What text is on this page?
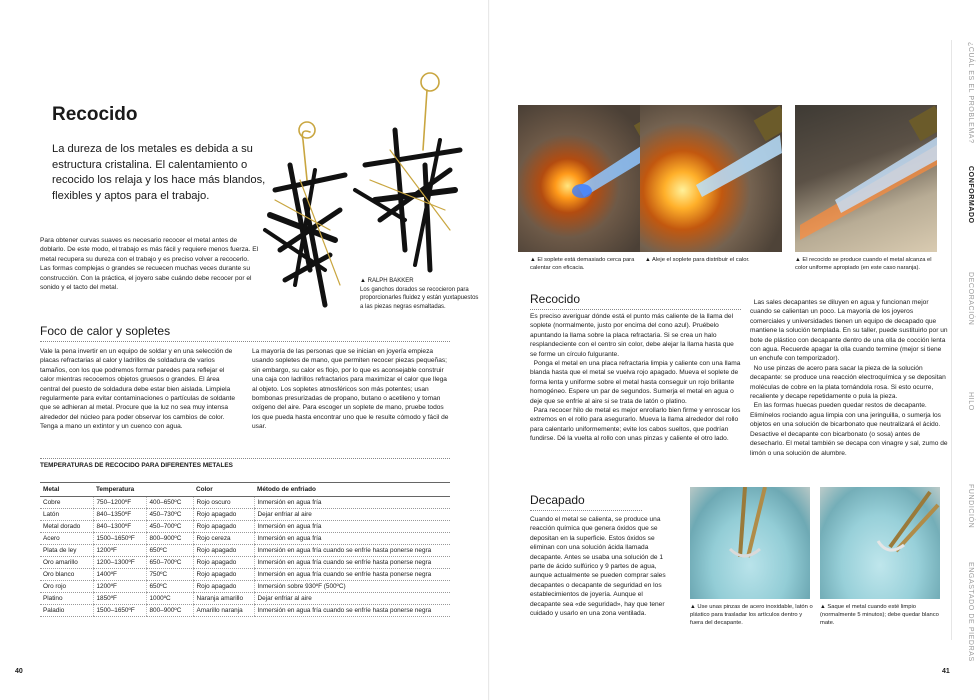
Recocido
La dureza de los metales es debida a su estructura cristalina. El calentamiento o recocido los relaja y los hace más blandos, flexibles y aptos para el trabajo.
Para obtener curvas suaves es necesario recocer el metal antes de doblarlo. De este modo, el trabajo es más fácil y requiere menos fuerza. El metal recupera su dureza con el trabajo y es preciso volver a recocerlo. Las formas complejas o grandes se recuecen muchas veces durante su construcción. Con la práctica, el joyero sabe cuándo debe recocer por el sonido y el tacto del metal.
▲ RALPH BAKKER
Los ganchos dorados se recocieron para proporcionarles fluidez y están yuxtapuestos a las piezas negras esmaltadas.
Foco de calor y sopletes
Vale la pena invertir en un equipo de soldar y en una selección de placas refractarias al calor y ladrillos de soldadura de varios tamaños, con los que podremos formar paredes para reflejar el calor mientras recocemos objetos gruesos o grandes. El área central del puesto de soldadura debe estar bien aislada. Limpiela regularmente para evitar contaminaciones o partículas de soldante que se adhieran al metal. Procure que la luz no sea muy intensa alrededor del núcleo para poder observar los cambios de color. Tenga a mano un extintor y un cuenco con agua.
La mayoría de las personas que se inician en joyería empieza usando sopletes de mano, que permiten recocer piezas pequeñas; sin embargo, su calor es flojo, por lo que es aconsejable construir una caja con ladrillos refractarios para maximizar el calor que llega al objeto. Los sopletes atmosféricos son más potentes; usan bombonas presurizadas de propano, butano o acetileno y toman oxígeno del aire. Para escoger un soplete de mano, pruebe todos los que pueda hasta encontrar uno que le resulte cómodo y fácil de usar.
TEMPERATURAS DE RECOCIDO PARA DIFERENTES METALES
Metal	Temperatura		Color	Método de enfriado
Cobre	750–1200ºF	400–650ºC	Rojo oscuro	Inmersión en agua fría
Latón	840–1350ºF	450–730ºC	Rojo apagado	Dejar enfriar al aire
Metal dorado	840–1300ºF	450–700ºC	Rojo apagado	Inmersión en agua fría
Acero	1500–1650ºF	800–900ºC	Rojo cereza	Inmersión en agua fría
Plata de ley	1200ºF	650ºC	Rojo apagado	Inmersión en agua fría cuando se enfríe hasta ponerse negra
Oro amarillo	1200–1300ºF	650–700ºC	Rojo apagado	Inmersión en agua fría cuando se enfríe hasta ponerse negra
Oro blanco	1400ºF	750ºC	Rojo apagado	Inmersión en agua fría cuando se enfríe hasta ponerse negra
Oro rojo	1200ºF	650ºC	Rojo apagado	Inmersión sobre 930ºF (500ºC)
Platino	1850ºF	1000ºC	Naranja amarillo	Dejar enfriar al aire
Paladio	1500–1650ºF	800–900ºC	Amarillo naranja	Inmersión en agua fría cuando se enfríe hasta ponerse negra
40
▲ El soplete está demasiado cerca para calentar con eficacia.
▲ Aleje el soplete para distribuir el calor.	▲ El recocido se produce cuando el metal alcanza el color uniforme apropiado (en este caso naranja).
Recocido
Es preciso averiguar dónde está el punto más caliente de la llama del soplete (normalmente, justo por encima del cono azul). Pruébelo apuntando la llama sobre la placa refractaria. Si se crea un halo resplandeciente con el centro sin color, debe alejar la llama hasta que se forme un círculo fulgurante.
Ponga el metal en una placa refractaria limpia y caliente con una llama blanda hasta que el metal se vuelva rojo apagado. Mueva el soplete de forma lenta y uniforme sobre el metal hasta conseguir un rojo brillante homogéneo. Espere un par de segundos. Sumerja el metal en agua o deje que se enfríe al aire si se trata de latón o platino.
Para recocer hilo de metal es mejor enrollarlo bien firme y enroscar los extremos en el rollo para asegurarlo. Mueva la llama alrededor del rollo para calentarlo uniformemente; evite los cabos sueltos, que podrían fundirse. Dé la vuelta al rollo con unas pinzas y caliente el otro lado.
Las sales decapantes se diluyen en agua y funcionan mejor cuando se calientan un poco. La mayoría de los joyeros comerciales y universidades tienen un equipo de decapado que mantiene la solución templada. En su taller, puede sustituirlo por un bote de plástico con decapante dentro de una olla de cocción lenta con agua. Recuerde apagar la olla cuando termine (mejor si tiene un enchufe con temporizador).
No use pinzas de acero para sacar la pieza de la solución decapante: se produce una reacción electroquímica y se depositan moléculas de cobre en la plata tornándola rosa. Si esto ocurre, recaliente y decape repetidamente o pula la pieza.
En las formas huecas pueden quedar restos de decapante. Elimínelos rociando agua limpia con una jeringuilla, o sumerja los objetos en una solución de bicarbonato que neutralizará el ácido. Desactive el decapante con bicarbonato (o sosa) antes de desecharlo. El metal también se decapa con vinagre y sal, zumo de limón o una solución de alumbre.
Decapado
Cuando el metal se calienta, se produce una reacción química que genera óxidos que se depositan en la superficie. Estos óxidos se eliminan con una solución ácida llamada decapante. Antes se usaba una solución de 1 parte de ácido sulfúrico y 9 partes de agua, aunque actualmente se pueden comprar sales decapantes o decapante de seguridad en los establecimientos de joyería. Aunque el decapante sea «de seguridad», hay que tener cuidado y usarlo en una zona ventilada.
▲ Use unas pinzas de acero inoxidable, latón o plástico para trasladar los artículos dentro y fuera del decapante.
▲ Saque el metal cuando esté limpio (normalmente 5 minutos); debe quedar blanco mate.
¿CUÁL ES EL PROBLEMA?
CONFORMADO
DECORACIÓN
HILO
FUNDICIÓN
ENGASTADO DE PIEDRAS
41
